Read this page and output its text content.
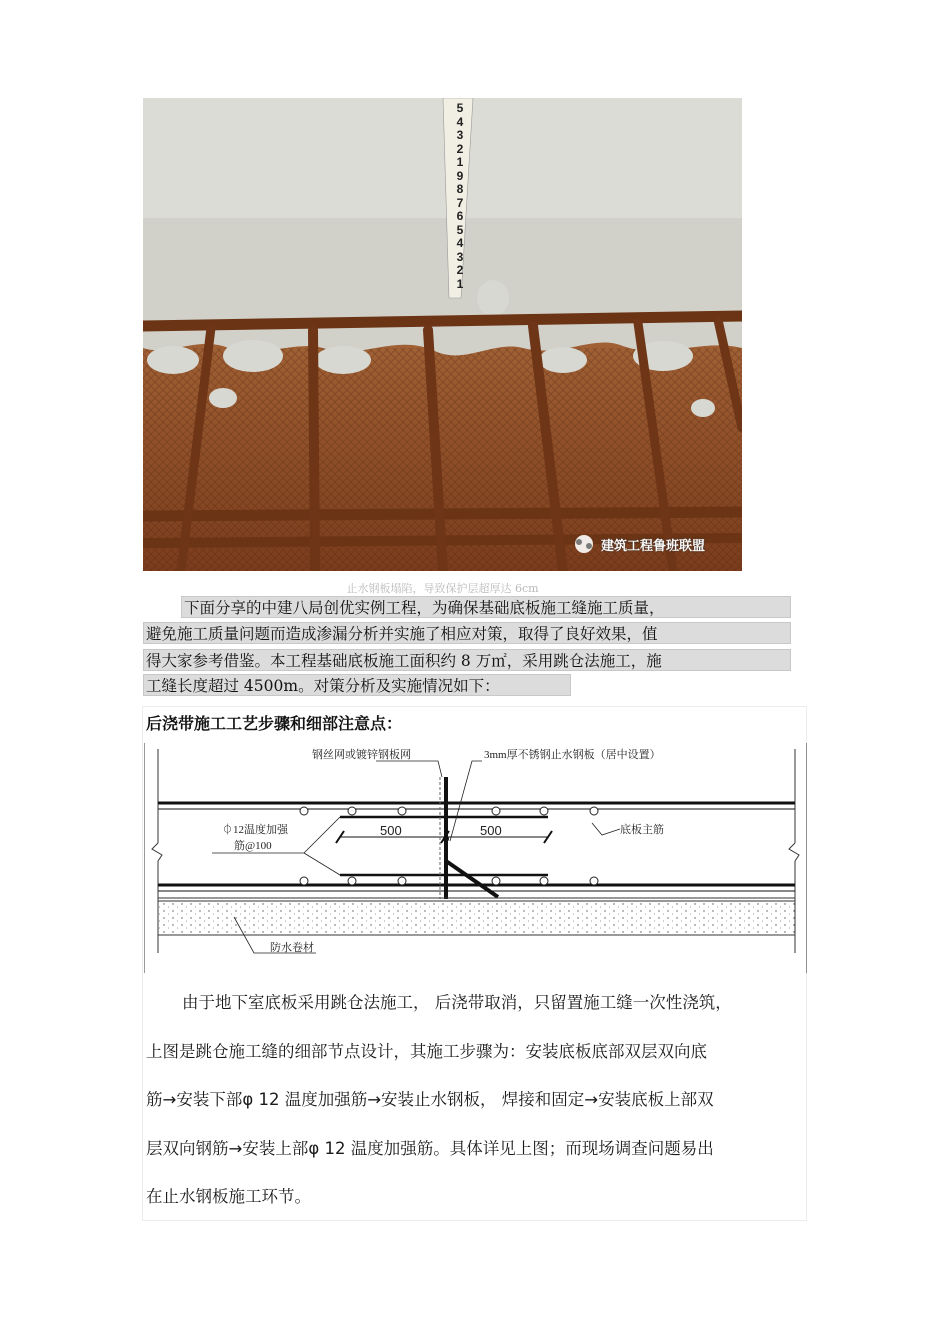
5
4
3
2
1
9
8
7
6
5
4
3
2
1
建筑工程鲁班联盟
止水钢板塌陷，导致保护层超厚达 6cm
下面分享的中建八局创优实例工程，为确保基础底板施工缝施工质量，
避免施工质量问题而造成渗漏分析并实施了相应对策，取得了良好效果，值
得大家参考借鉴。本工程基础底板施工面积约 8 万㎡，采用跳仓法施工，施
工缝长度超过 4500m。对策分析及实施情况如下：
后浇带施工工艺步骤和细部注意点：
钢丝网或镀锌钢板网	3mm厚不锈钢止水钢板（居中设置）
⏀12温度加强
筋@100
底板主筋
500	500
防水卷材

由于地下室底板采用跳仓法施工， 后浇带取消，只留置施工缝一次性浇筑，

上图是跳仓施工缝的细部节点设计，其施工步骤为：安装底板底部双层双向底

筋→安装下部φ 12 温度加强筋→安装止水钢板， 焊接和固定→安装底板上部双

层双向钢筋→安装上部φ 12 温度加强筋。具体详见上图；而现场调查问题易出

在止水钢板施工环节。
